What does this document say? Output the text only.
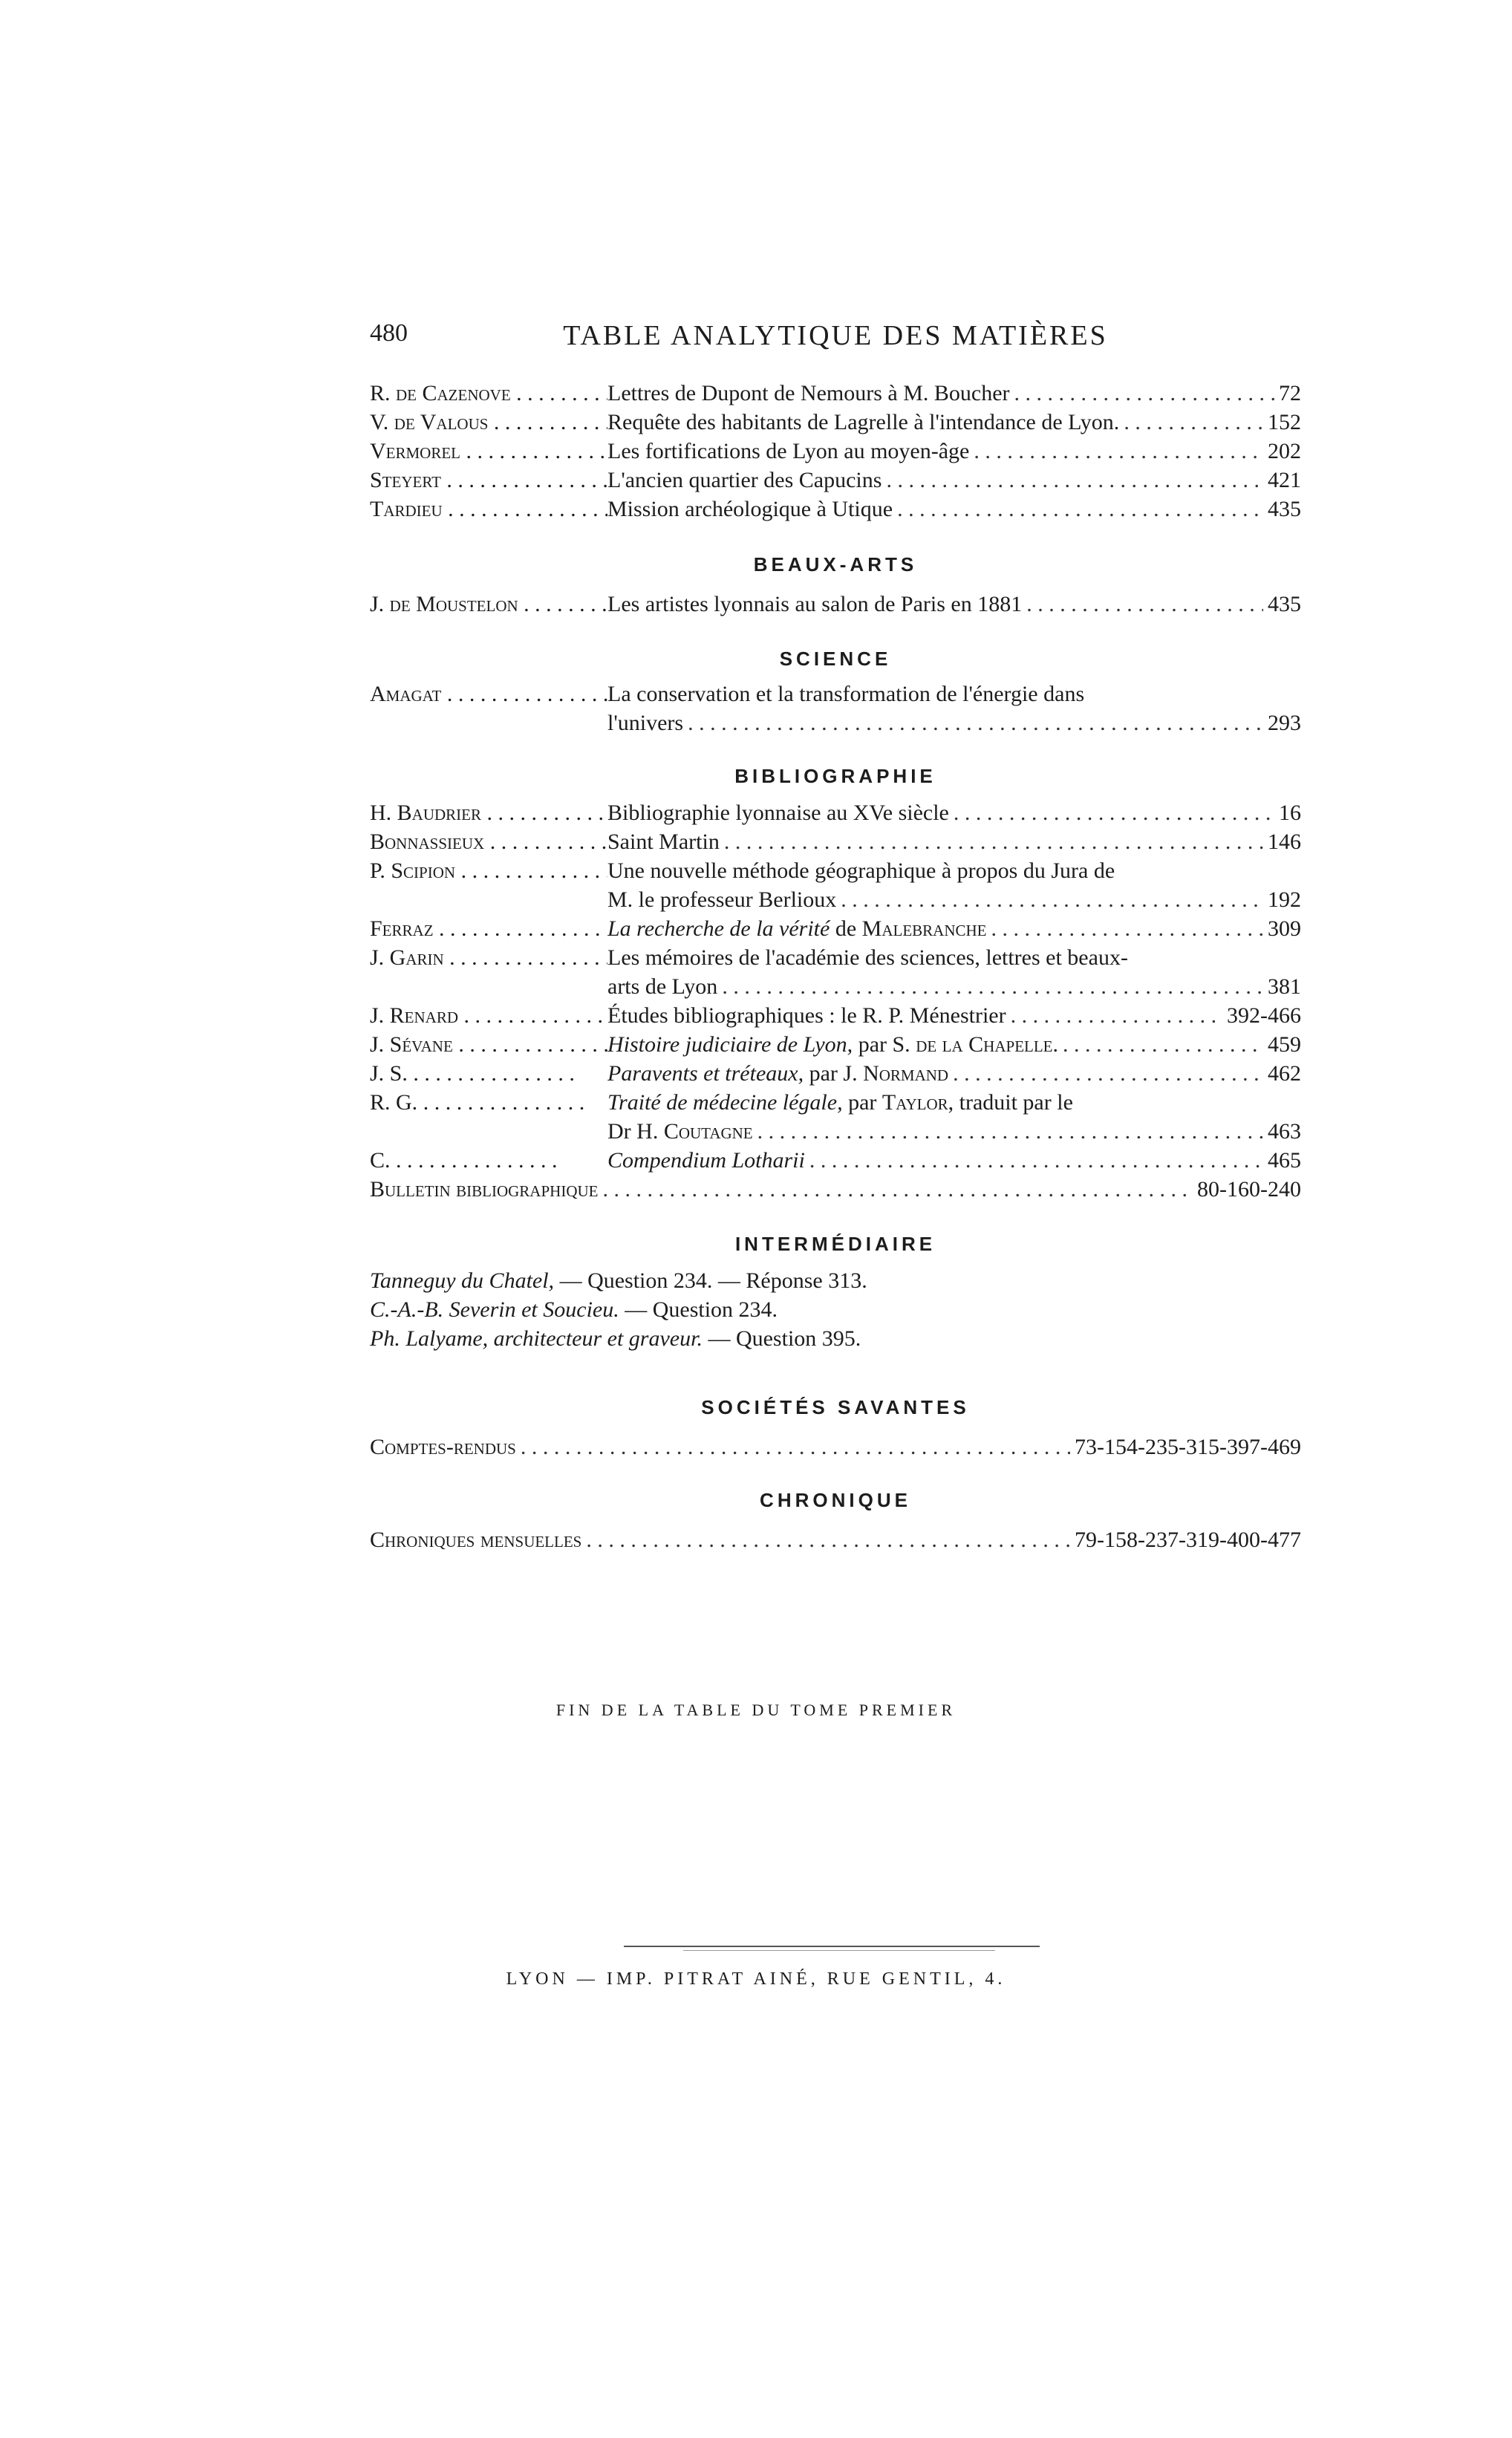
480	TABLE ANALYTIQUE DES MATIÈRES
R. de Cazenove . . .	Lettres de Dupont de Nemours à M. Boucher . . .	72
V. de Valous . . .	Requête des habitants de Lagrelle à l'intendance de Lyon. . . .	152
Vermorel . . .	Les fortifications de Lyon au moyen-âge . . .	202
Steyert . . .	L'ancien quartier des Capucins . . .	421
Tardieu . . .	Mission archéologique à Utique . . .	435

BEAUX-ARTS

J. de Moustelon . . .	Les artistes lyonnais au salon de Paris en 1881 . . .	435

SCIENCE

Amagat . . .	La conservation et la transformation de l'énergie dans
l'univers . . .	293

BIBLIOGRAPHIE

H. Baudrier . . .	Bibliographie lyonnaise au XVe siècle . . .	16
Bonnassieux . . .	Saint Martin . . .	146
P. Scipion . . .	Une nouvelle méthode géographique à propos du Jura de
M. le professeur Berlioux . . .	192
Ferraz . . .	La recherche de la vérité de Malebranche . . .	309
J. Garin . . .	Les mémoires de l'académie des sciences, lettres et beaux-
arts de Lyon . . .	381
J. Renard . . .	Études bibliographiques : le R. P. Ménestrier . . .	392-466
J. Sévane . . .	Histoire judiciaire de Lyon, par S. de la Chapelle. . . .	459
J. S. . . .	Paravents et tréteaux, par J. Normand . . .	462
R. G. . . .	Traité de médecine légale, par Taylor, traduit par le
Dr H. Coutagne . . .	463
C. . . .	Compendium Lotharii . . .	465
Bulletin bibliographique . . .	80-160-240

INTERMÉDIAIRE

Tanneguy du Chatel, — Question 234. — Réponse 313.
C.-A.-B. Severin et Soucieu. — Question 234.
Ph. Lalyame, architecteur et graveur. — Question 395.

SOCIÉTÉS SAVANTES

Comptes-rendus . . .	73-154-235-315-397-469

CHRONIQUE

Chroniques mensuelles . . .	79-158-237-319-400-477
FIN DE LA TABLE DU TOME PREMIER
LYON — IMP. PITRAT AINÉ, RUE GENTIL, 4.
